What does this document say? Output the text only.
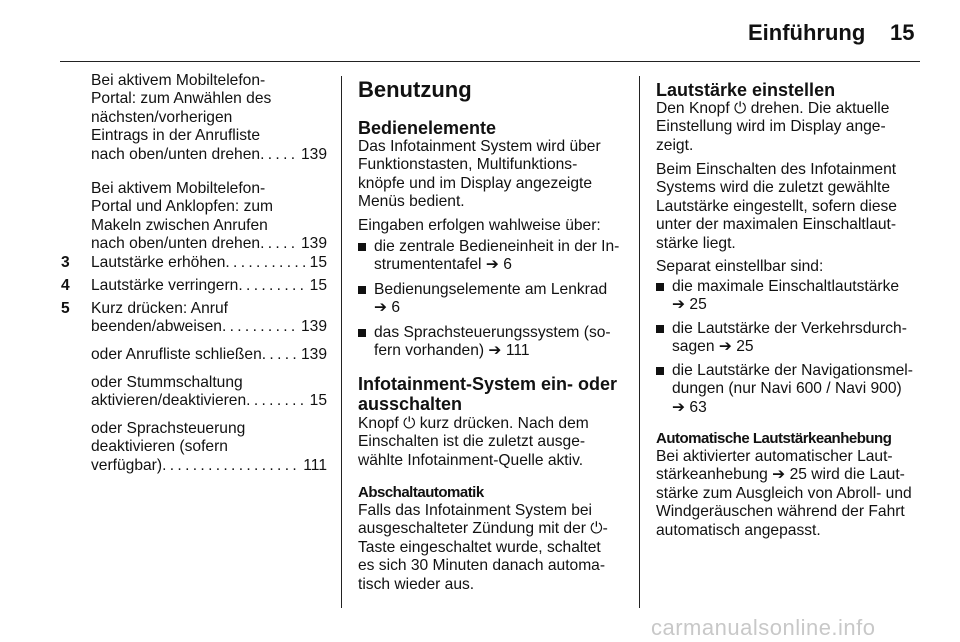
Einführung 15
Bei aktivem Mobiltelefon-
Portal: zum Anwählen des
nächsten/vorherigen
Eintrags in der Anrufliste
nach oben/unten drehen . . .	139
Bei aktivem Mobiltelefon-
Portal und Anklopfen: zum
Makeln zwischen Anrufen
nach oben/unten drehen . . .	139
3 Lautstärke erhöhen . . .	15
4 Lautstärke verringern . . .	15
5 Kurz drücken: Anruf
beenden/abweisen . . .	139
oder Anrufliste schließen . . .	139
oder Stummschaltung
aktivieren/deaktivieren . . .	15
oder Sprachsteuerung
deaktivieren (sofern
verfügbar) . . .	111
Benutzung
Bedienelemente
Das Infotainment System wird über
Funktionstasten, Multifunktions-
knöpfe und im Display angezeigte
Menüs bedient.
Eingaben erfolgen wahlweise über:
die zentrale Bedieneinheit in der In-
strumententafel ➔ 6
Bedienungselemente am Lenkrad
➔ 6
das Sprachsteuerungssystem (so-
fern vorhanden) ➔ 111
Infotainment-System ein- oder
ausschalten
Knopf ⏻ kurz drücken. Nach dem
Einschalten ist die zuletzt ausge-
wählte Infotainment-Quelle aktiv.
Abschaltautomatik
Falls das Infotainment System bei
ausgeschalteter Zündung mit der ⏻-
Taste eingeschaltet wurde, schaltet
es sich 30 Minuten danach automa-
tisch wieder aus.
Lautstärke einstellen
Den Knopf ⏻ drehen. Die aktuelle
Einstellung wird im Display ange-
zeigt.
Beim Einschalten des Infotainment
Systems wird die zuletzt gewählte
Lautstärke eingestellt, sofern diese
unter der maximalen Einschaltlaut-
stärke liegt.
Separat einstellbar sind:
die maximale Einschaltlautstärke
➔ 25
die Lautstärke der Verkehrsdurch-
sagen ➔ 25
die Lautstärke der Navigationsmel-
dungen (nur Navi 600 / Navi 900)
➔ 63
Automatische Lautstärkeanhebung
Bei aktivierter automatischer Laut-
stärkeanhebung ➔ 25 wird die Laut-
stärke zum Ausgleich von Abroll- und
Windgeräuschen während der Fahrt
automatisch angepasst.
carmanualsonline.info
